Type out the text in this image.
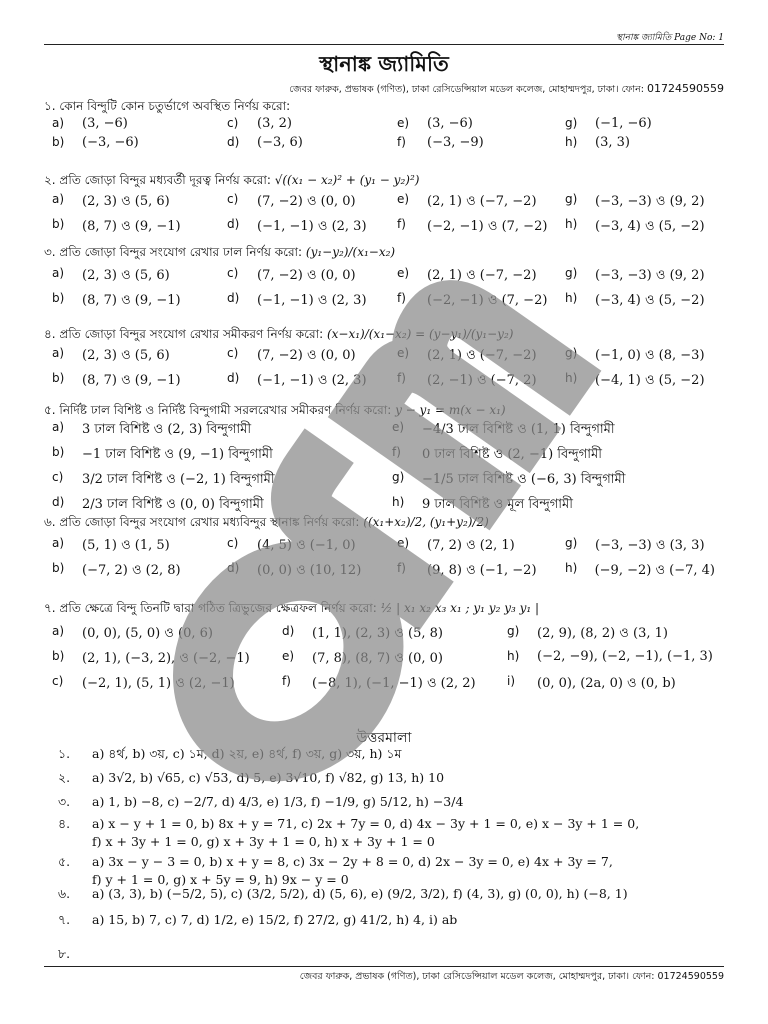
স্থানাঙ্ক জ্যামিতি Page No: 1
স্থানাঙ্ক জ্যামিতি
জেবর ফারুক, প্রভাষক (গণিত), ঢাকা রেসিডেন্সিয়াল মডেল কলেজ, মোহাম্মদপুর, ঢাকা। ফোন: 01724590559
১. কোন বিন্দুটি কোন চতুর্ভাগে অবস্থিত নির্ণয় করো:
a)	(3, −6)	c)	(3, 2)	e)	(3, −6)	g)	(−1, −6)
b)	(−3, −6)	d)	(−3, 6)	f)	(−3, −9)	h)	(3, 3)
২. প্রতি জোড়া বিন্দুর মধ্যবর্তী দূরত্ব নির্ণয় করো: √((x₁ − x₂)² + (y₁ − y₂)²)
a)	(2, 3) ও (5, 6)	c)	(7, −2) ও (0, 0)	e)	(2, 1) ও (−7, −2) g)	(−3, −3) ও (9, 2)
b)	(8, 7) ও (9, −1)	d)	(−1, −1) ও (2, 3)	f)	(−2, −1) ও (7, −2) h)	(−3, 4) ও (5, −2)
৩. প্রতি জোড়া বিন্দুর সংযোগ রেখার ঢাল নির্ণয় করো: (y₁−y₂)/(x₁−x₂)
a)	(2, 3) ও (5, 6)	c)	(7, −2) ও (0, 0)	e)	(2, 1) ও (−7, −2) g)	(−3, −3) ও (9, 2)
b)	(8, 7) ও (9, −1)	d)	(−1, −1) ও (2, 3)	f)	(−2, −1) ও (7, −2) h)	(−3, 4) ও (5, −2)
৪. প্রতি জোড়া বিন্দুর সংযোগ রেখার সমীকরণ নির্ণয় করো: (x−x₁)/(x₁−x₂) = (y−y₁)/(y₁−y₂)
a)	(2, 3) ও (5, 6)	c)	(7, −2) ও (0, 0)	e)	(2, 1) ও (−7, −2) g)	(−1, 0) ও (8, −3)
b)	(8, 7) ও (9, −1)	d)	(−1, −1) ও (2, 3)	f)	(2, −1) ও (−7, 2) h)	(−4, 1) ও (5, −2)
৫. নির্দিষ্ট ঢাল বিশিষ্ট ও নির্দিষ্ট বিন্দুগামী সরলরেখার সমীকরণ নির্ণয় করো: y − y₁ = m(x − x₁)
a)	3 ঢাল বিশিষ্ট ও (2, 3) বিন্দুগামী	e)	−4/3 ঢাল বিশিষ্ট ও (1, 1) বিন্দুগামী
b)	−1 ঢাল বিশিষ্ট ও (9, −1) বিন্দুগামী	f)	0 ঢাল বিশিষ্ট ও (2, −1) বিন্দুগামী
c)	3/2 ঢাল বিশিষ্ট ও (−2, 1) বিন্দুগামী	g)	−1/5 ঢাল বিশিষ্ট ও (−6, 3) বিন্দুগামী
d)	2/3 ঢাল বিশিষ্ট ও (0, 0) বিন্দুগামী	h)	9 ঢাল বিশিষ্ট ও মূল বিন্দুগামী
৬. প্রতি জোড়া বিন্দুর সংযোগ রেখার মধ্যবিন্দুর স্থানাঙ্ক নির্ণয় করো: ((x₁+x₂)/2, (y₁+y₂)/2)
a)	(5, 1) ও (1, 5)	c)	(4, 5) ও (−1, 0)	e)	(7, 2) ও (2, 1)	g)	(−3, −3) ও (3, 3)
b)	(−7, 2) ও (2, 8)	d)	(0, 0) ও (10, 12)	f)	(9, 8) ও (−1, −2) h)	(−9, −2) ও (−7, 4)
৭. প্রতি ক্ষেত্রে বিন্দু তিনটি দ্বারা গঠিত ত্রিভুজের ক্ষেত্রফল নির্ণয় করো: ½ | x₁ x₂ x₃ x₁ ; y₁ y₂ y₃ y₁ |
a)	(0, 0), (5, 0) ও (0, 6)	d)	(1, 1), (2, 3) ও (5, 8)	g)	(2, 9), (8, 2) ও (3, 1)
b)	(2, 1), (−3, 2), ও (−2, −1)	e)	(7, 8), (8, 7) ও (0, 0)	h)	(−2, −9), (−2, −1), (−1, 3)
c)	(−2, 1), (5, 1) ও (2, −1)	f)	(−8, 1), (−1, −1) ও (2, 2)	i)	(0, 0), (2a, 0) ও (0, b)
উত্তরমালা
১.	a) ৪র্থ, b) ৩য়, c) ১ম, d) ২য়, e) ৪র্থ, f) ৩য়, g) ৩য়, h) ১ম
২.	a) 3√2, b) √65, c) √53, d) 5, e) 3√10, f) √82, g) 13, h) 10
৩.	a) 1, b) −8, c) −2/7, d) 4/3, e) 1/3, f) −1/9, g) 5/12, h) −3/4
৪.	a) x − y + 1 = 0, b) 8x + y = 71, c) 2x + 7y = 0, d) 4x − 3y + 1 = 0, e) x − 3y + 1 = 0,
f) x + 3y + 1 = 0, g) x + 3y + 1 = 0, h) x + 3y + 1 = 0
৫.	a) 3x − y − 3 = 0, b) x + y = 8, c) 3x − 2y + 8 = 0, d) 2x − 3y = 0, e) 4x + 3y = 7,
f) y + 1 = 0, g) x + 5y = 9, h) 9x − y = 0
৬.	a) (3, 3), b) (−5/2, 5), c) (3/2, 5/2), d) (5, 6), e) (9/2, 3/2), f) (4, 3), g) (0, 0), h) (−8, 1)
৭.	a) 15, b) 7, c) 7, d) 1/2, e) 15/2, f) 27/2, g) 41/2, h) 4, i) ab
৮.
জেবর ফারুক, প্রভাষক (গণিত), ঢাকা রেসিডেন্সিয়াল মডেল কলেজ, মোহাম্মদপুর, ঢাকা। ফোন: 01724590559
